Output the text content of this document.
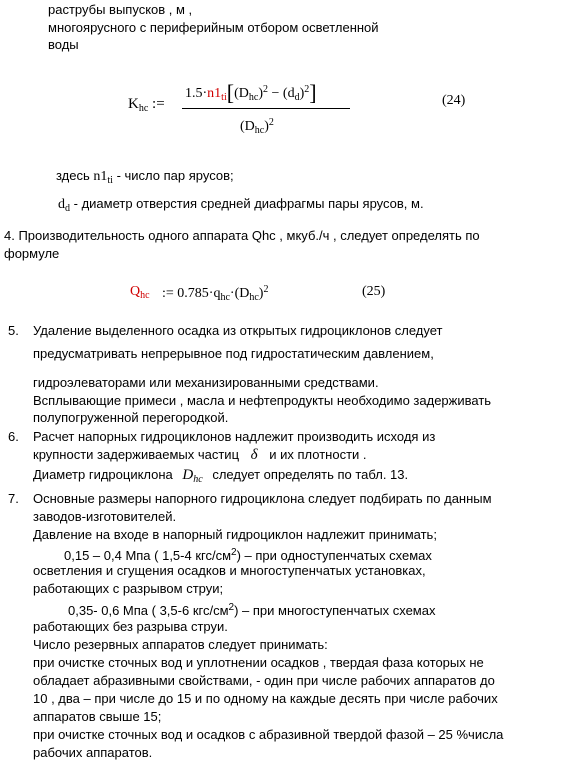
раструбы выпусков , м ,
многоярусного с периферийным отбором осветленной
воды
$K_{hc}$ :=
$1.5\cdot n1_{ti}[(D_{hc})^2 - (d_d)^2]$
$(D_{hc})^2$
(24)
здесь $n1_{ti}$ - число пар ярусов;
$d_d$ - диаметр отверстия средней диафрагмы пары ярусов, м.
4. Производительность одного аппарата Qhc , мкуб./ч , следует определять по
формуле
$Q_{hc}$ := $0.785\cdot q_{hc}\cdot(D_{hc})^2$	(25)
5. Удаление выделенного осадка из открытых гидроциклонов следует
предусматривать непрерывное под гидростатическим давлением,
гидроэлеваторами или механизированными средствами.
Всплывающие примеси , масла и нефтепродукты необходимо задерживать
полупогруженной перегородкой.
6. Расчет напорных гидроциклонов надлежит производить исходя из
крупности задерживаемых частиц δ и их плотности .
Диаметр гидроциклона $D_{hc}$ следует определять по табл. 13.
7. Основные размеры напорного гидроциклона следует подбирать по данным
заводов-изготовителей.
Давление на входе в напорный гидроциклон надлежит принимать;
0,15 – 0,4 Мпа ( 1,5-4 кгс/$см^2$) – при одноступенчатых схемах
осветления и сгущения осадков и многоступенчатых установках,
работающих с разрывом струи;
0,35- 0,6 Мпа ( 3,5-6 кгс/$см^2$) – при многоступенчатых схемах
работающих без разрыва струи.
Число резервных аппаратов следует принимать:
при очистке сточных вод и уплотнении осадков , твердая фаза которых не
обладает абразивными свойствами, - один при числе рабочих аппаратов до
10 , два – при числе до 15 и по одному на каждые десять при числе рабочих
аппаратов свыше 15;
при очистке сточных вод и осадков с абразивной твердой фазой – 25 %числа
рабочих аппаратов.
